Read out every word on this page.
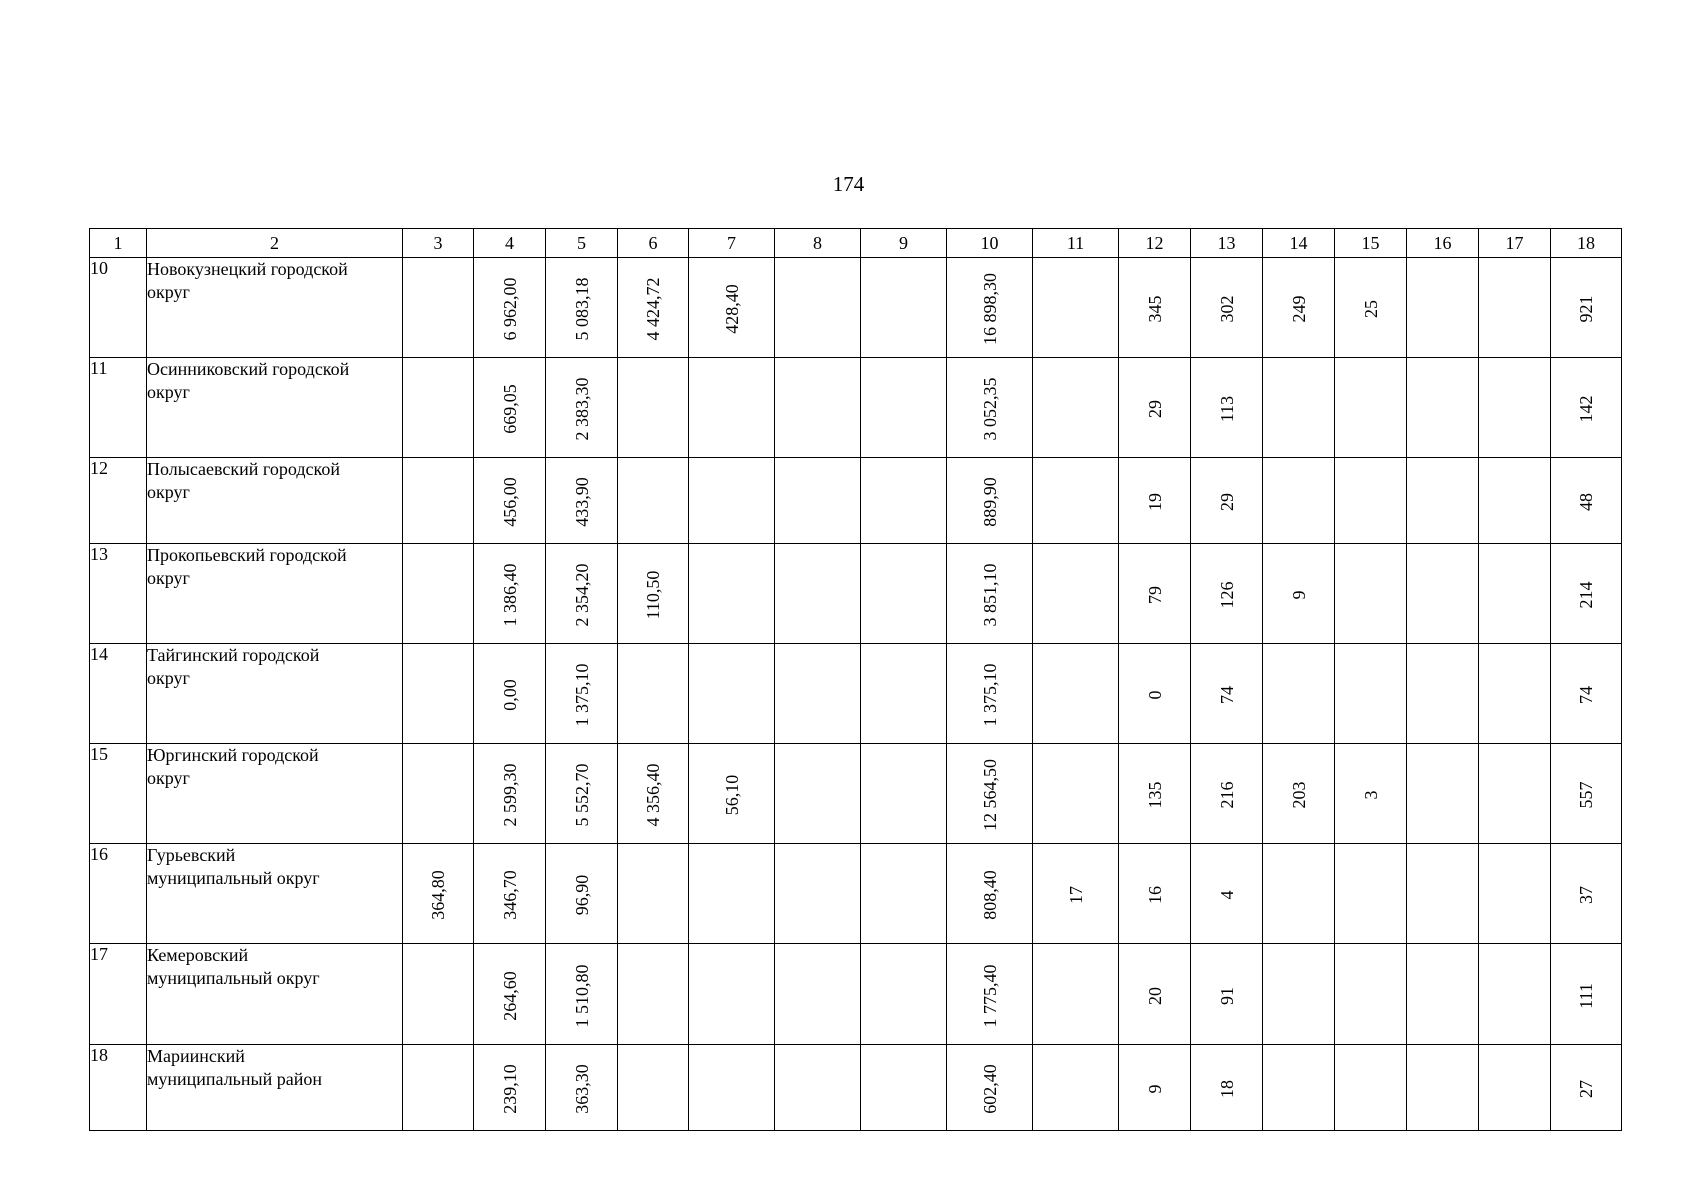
174
1	2	3	4	5	6	7	8	9	10	11	12	13	14	15	16	17	18
10	Новокузнецкий городской
округ		6 962,00	5 083,18	4 424,72	428,40			16 898,30		345	302	249	25			921

11	Осинниковский городской
округ		669,05	2 383,30					3 052,35		29	113					142

12	Полысаевский городской
округ		456,00	433,90					889,90		19	29					48

13	Прокопьевский городской
округ		1 386,40	2 354,20	110,50				3 851,10		79	126	9				214

14	Тайгинский городской
округ		0,00	1 375,10					1 375,10		0	74					74

15	Юргинский городской
округ		2 599,30	5 552,70	4 356,40	56,10			12 564,50		135	216	203	3			557

16	Гурьевский
муниципальный округ	364,80	346,70	96,90					808,40	17	16	4					37

17	Кемеровский
муниципальный округ		264,60	1 510,80					1 775,40		20	91					111

18	Мариинский
муниципальный район		239,10	363,30					602,40		9	18					27
